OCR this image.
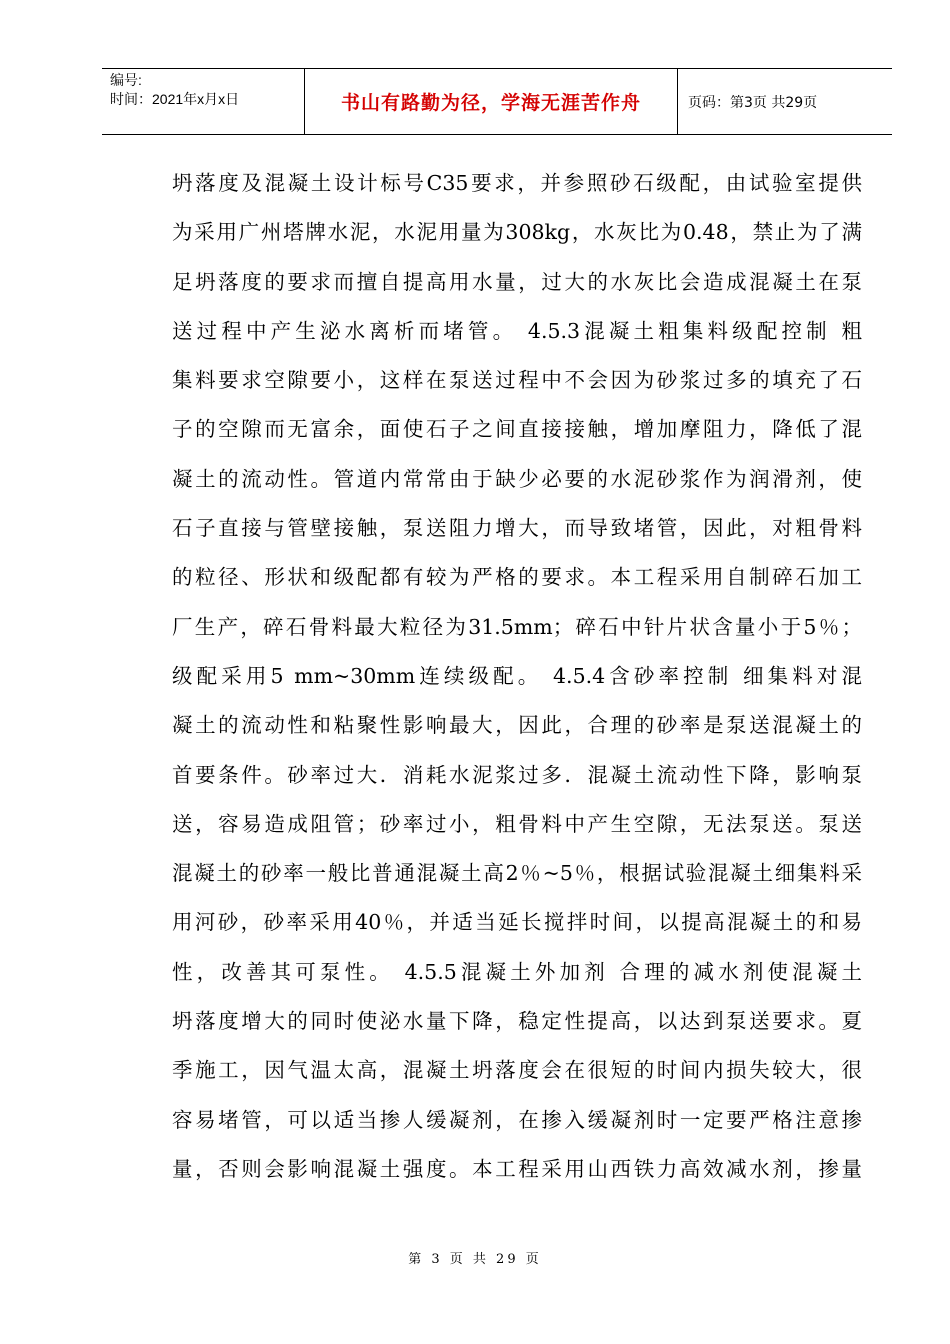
编号:
时间：2021年x月x日	书山有路勤为径，学海无涯苦作舟	页码：第3页 共29页
坍落度及混凝土设计标号C35要求，并参照砂石级配，由试验室提供
为采用广州塔牌水泥，水泥用量为308kg，水灰比为0.48，禁止为了满
足坍落度的要求而擅自提高用水量，过大的水灰比会造成混凝土在泵
送过程中产生泌水离析而堵管。 4.5.3混凝土粗集料级配控制 粗
集料要求空隙要小，这样在泵送过程中不会因为砂浆过多的填充了石
子的空隙而无富余，面使石子之间直接接触，增加摩阻力，降低了混
凝土的流动性。管道内常常由于缺少必要的水泥砂浆作为润滑剂，使
石子直接与管壁接触，泵送阻力增大，而导致堵管，因此，对粗骨料
的粒径、形状和级配都有较为严格的要求。本工程采用自制碎石加工
厂生产，碎石骨料最大粒径为31.5mm；碎石中针片状含量小于5％；
级配采用5 mm~30mm连续级配。 4.5.4含砂率控制 细集料对混
凝土的流动性和粘聚性影响最大，因此，合理的砂率是泵送混凝土的
首要条件。砂率过大．消耗水泥浆过多．混凝土流动性下降，影响泵
送，容易造成阻管；砂率过小，粗骨料中产生空隙，无法泵送。泵送
混凝土的砂率一般比普通混凝土高2％~5％，根据试验混凝土细集料采
用河砂，砂率采用40％，并适当延长搅拌时间，以提高混凝土的和易
性，改善其可泵性。 4.5.5混凝土外加剂 合理的减水剂使混凝土
坍落度增大的同时使泌水量下降，稳定性提高，以达到泵送要求。夏
季施工，因气温太高，混凝土坍落度会在很短的时间内损失较大，很
容易堵管，可以适当掺人缓凝剂，在掺入缓凝剂时一定要严格注意掺
量，否则会影响混凝土强度。本工程采用山西铁力高效减水剂，掺量
第 3 页 共 29 页
